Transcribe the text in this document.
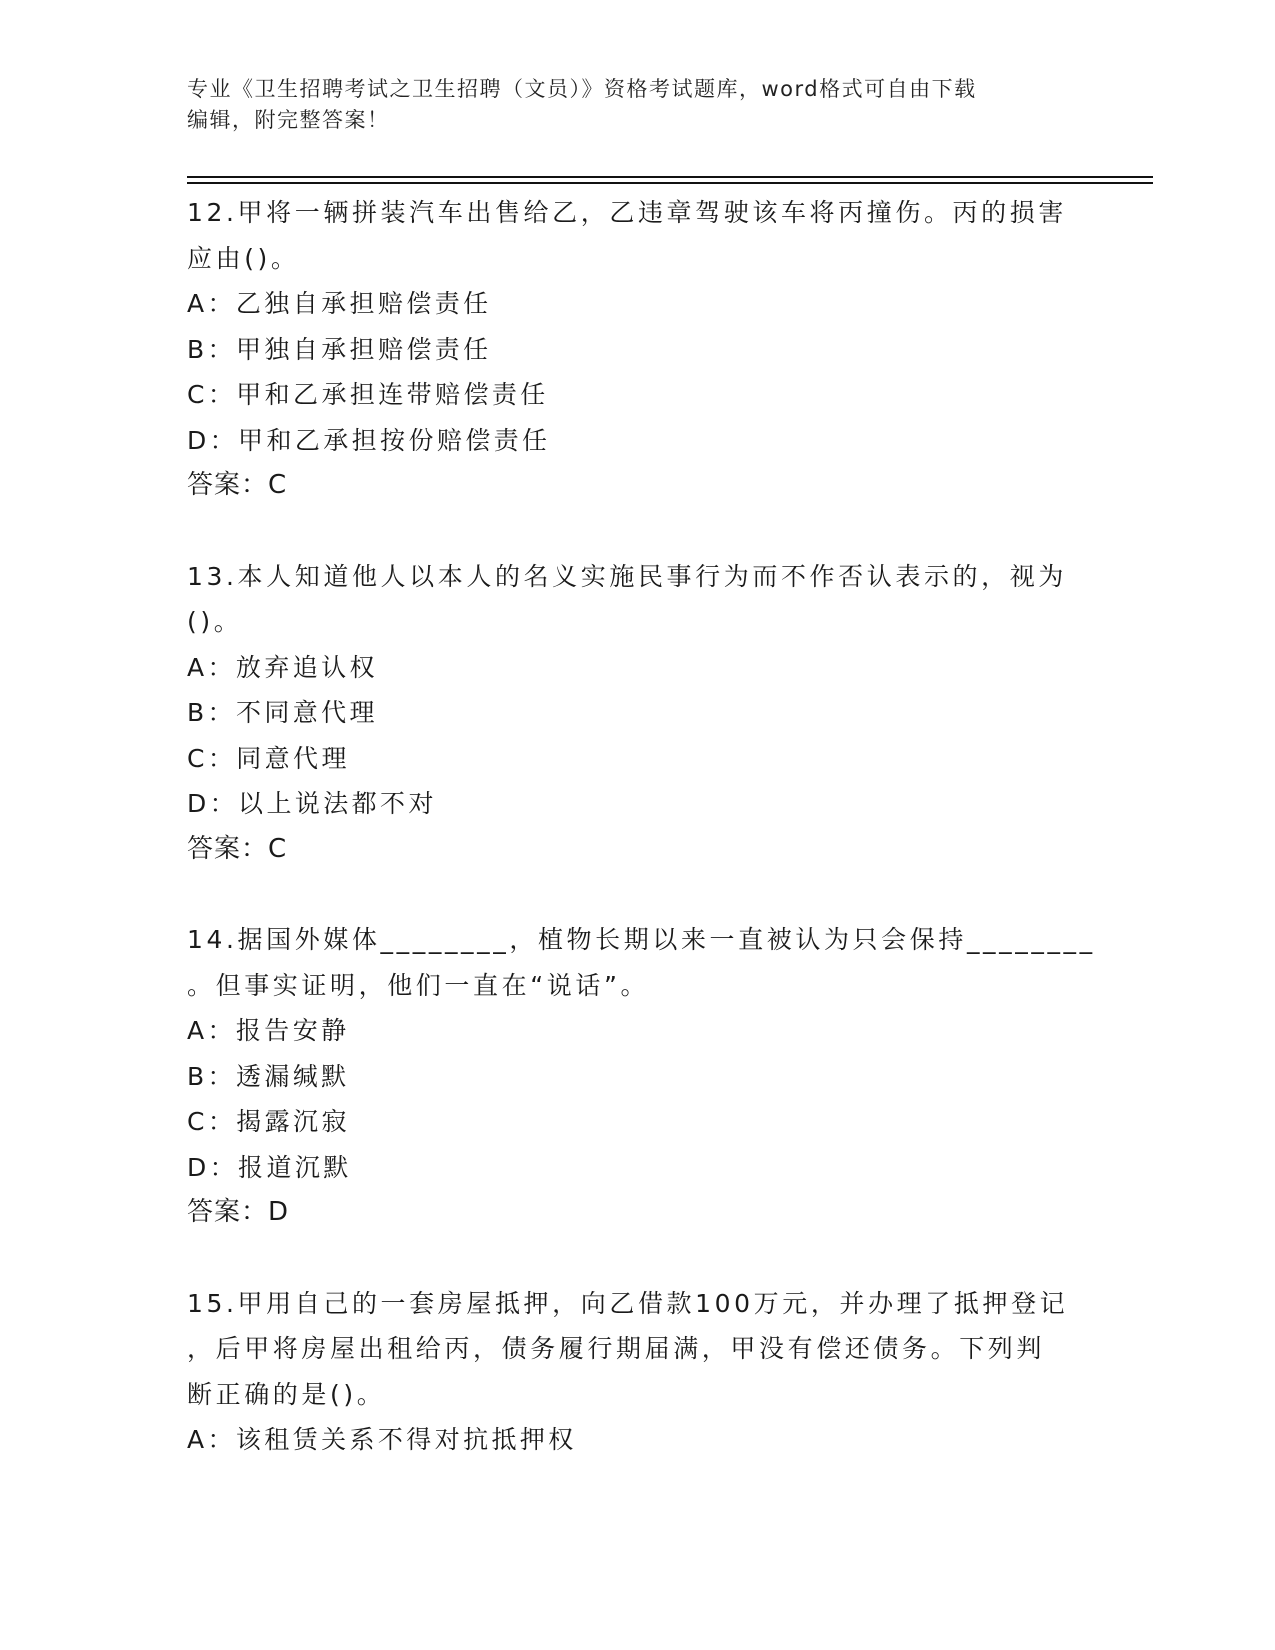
专业《卫生招聘考试之卫生招聘（文员）》资格考试题库，word格式可自由下载
编辑，附完整答案！
12.甲将一辆拼装汽车出售给乙，乙违章驾驶该车将丙撞伤。丙的损害
应由()。
A：乙独自承担赔偿责任
B：甲独自承担赔偿责任
C：甲和乙承担连带赔偿责任
D：甲和乙承担按份赔偿责任
答案：C
13.本人知道他人以本人的名义实施民事行为而不作否认表示的，视为
()。
A：放弃追认权
B：不同意代理
C：同意代理
D：以上说法都不对
答案：C
14.据国外媒体________，植物长期以来一直被认为只会保持________
。但事实证明，他们一直在“说话”。
A：报告安静
B：透漏缄默
C：揭露沉寂
D：报道沉默
答案：D
15.甲用自己的一套房屋抵押，向乙借款100万元，并办理了抵押登记
，后甲将房屋出租给丙，债务履行期届满，甲没有偿还债务。下列判
断正确的是()。
A：该租赁关系不得对抗抵押权
